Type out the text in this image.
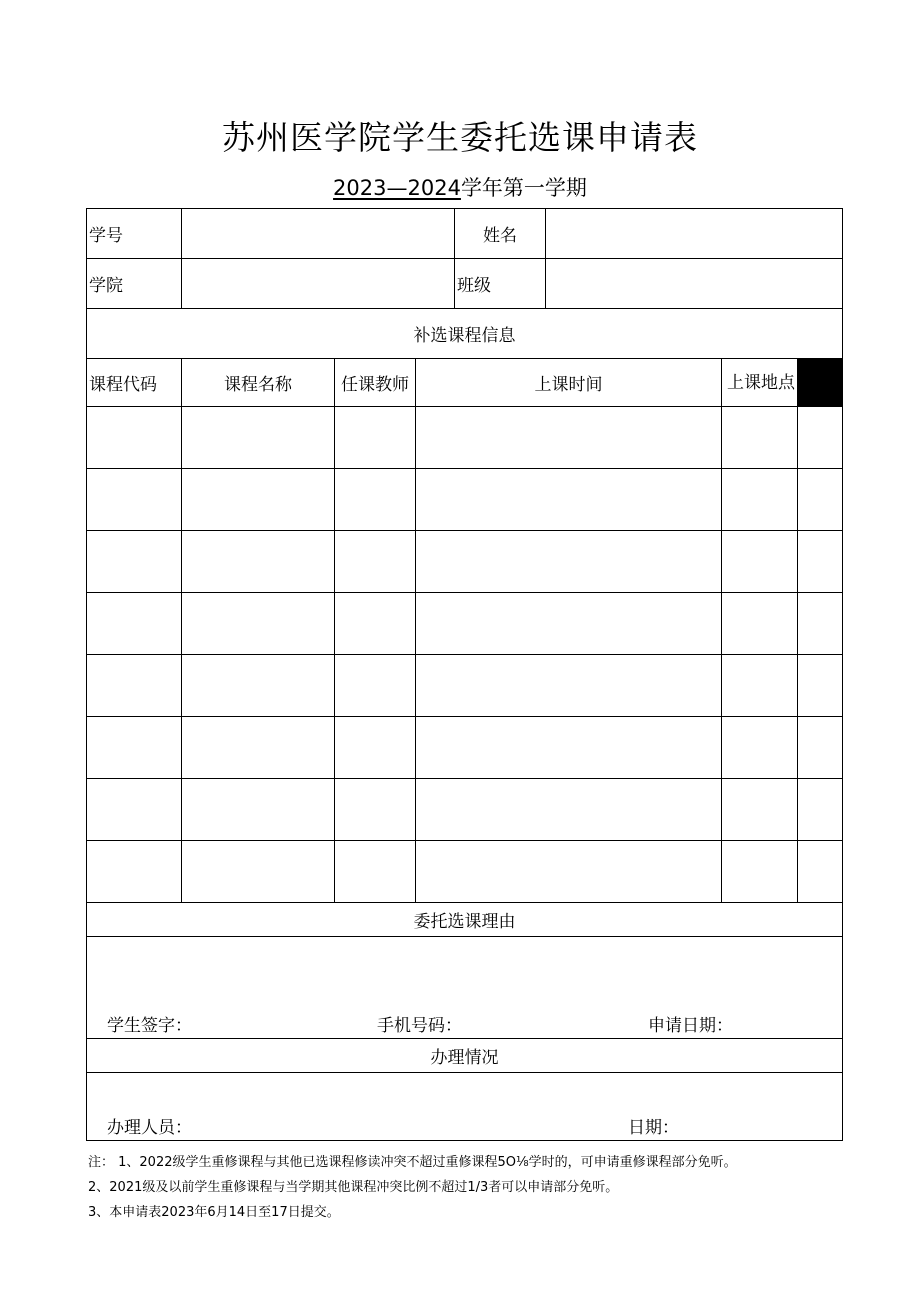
苏州医学院学生委托选课申请表
2023—2024学年第一学期
学号				姓名			
学院				班级			
补选课程信息							
课程代码	课程名称	任课教师	上课时间			上课地点	

委托选课理由							

学生签字： 手机号码： 申请日期：							

办理情况							

办理人员： 日期：							
注： 1、2022级学生重修课程与其他已选课程修读冲突不超过重修课程5O⅛学时的，可申请重修课程部分免听。
2、2021级及以前学生重修课程与当学期其他课程冲突比例不超过1/3者可以申请部分免听。
3、本申请表2023年6月14日至17日提交。
